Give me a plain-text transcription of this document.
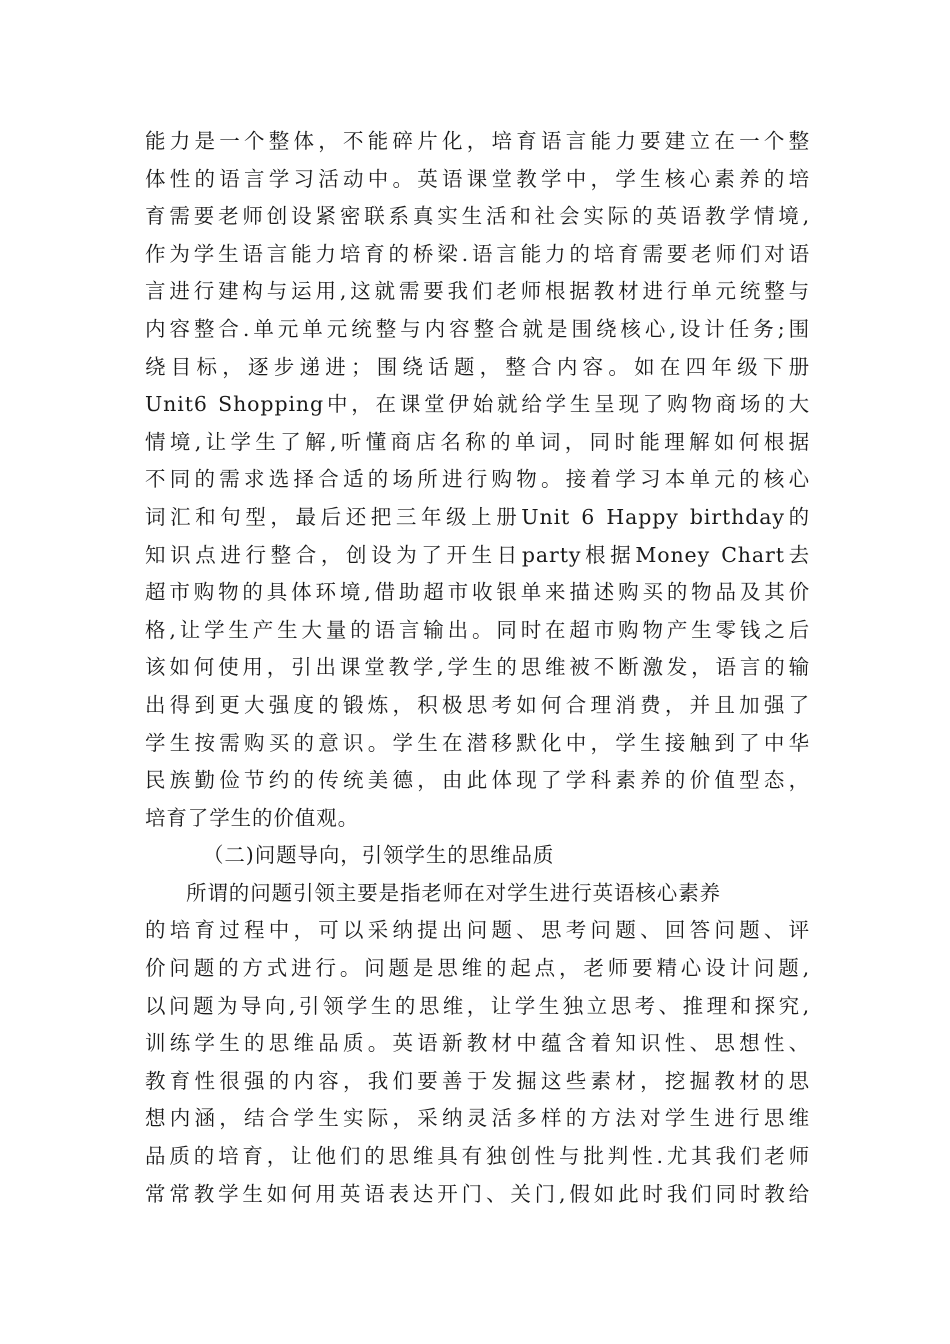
能力是一个整体，不能碎片化，培育语言能力要建立在一个整
体性的语言学习活动中。英语课堂教学中，学生核心素养的培
育需要老师创设紧密联系真实生活和社会实际的英语教学情境,
作为学生语言能力培育的桥梁.语言能力的培育需要老师们对语
言进行建构与运用,这就需要我们老师根据教材进行单元统整与
内容整合.单元单元统整与内容整合就是围绕核心,设计任务;围
绕目标，逐步递进；围绕话题，整合内容。如在四年级下册
Unit6 Shopping中，在课堂伊始就给学生呈现了购物商场的大
情境,让学生了解,听懂商店名称的单词，同时能理解如何根据
不同的需求选择合适的场所进行购物。接着学习本单元的核心
词汇和句型，最后还把三年级上册Unit 6 Happy birthday的
知识点进行整合，创设为了开生日party根据Money Chart去
超市购物的具体环境,借助超市收银单来描述购买的物品及其价
格,让学生产生大量的语言输出。同时在超市购物产生零钱之后
该如何使用，引出课堂教学,学生的思维被不断激发，语言的输
出得到更大强度的锻炼，积极思考如何合理消费，并且加强了
学生按需购买的意识。学生在潜移默化中，学生接触到了中华
民族勤俭节约的传统美德，由此体现了学科素养的价值型态，
培育了学生的价值观。
（二)问题导向，引领学生的思维品质
所谓的问题引领主要是指老师在对学生进行英语核心素养
的培育过程中，可以采纳提出问题、思考问题、回答问题、评
价问题的方式进行。问题是思维的起点，老师要精心设计问题,
以问题为导向,引领学生的思维，让学生独立思考、推理和探究,
训练学生的思维品质。英语新教材中蕴含着知识性、思想性、
教育性很强的内容，我们要善于发掘这些素材，挖掘教材的思
想内涵，结合学生实际，采纳灵活多样的方法对学生进行思维
品质的培育，让他们的思维具有独创性与批判性.尤其我们老师
常常教学生如何用英语表达开门、关门,假如此时我们同时教给
